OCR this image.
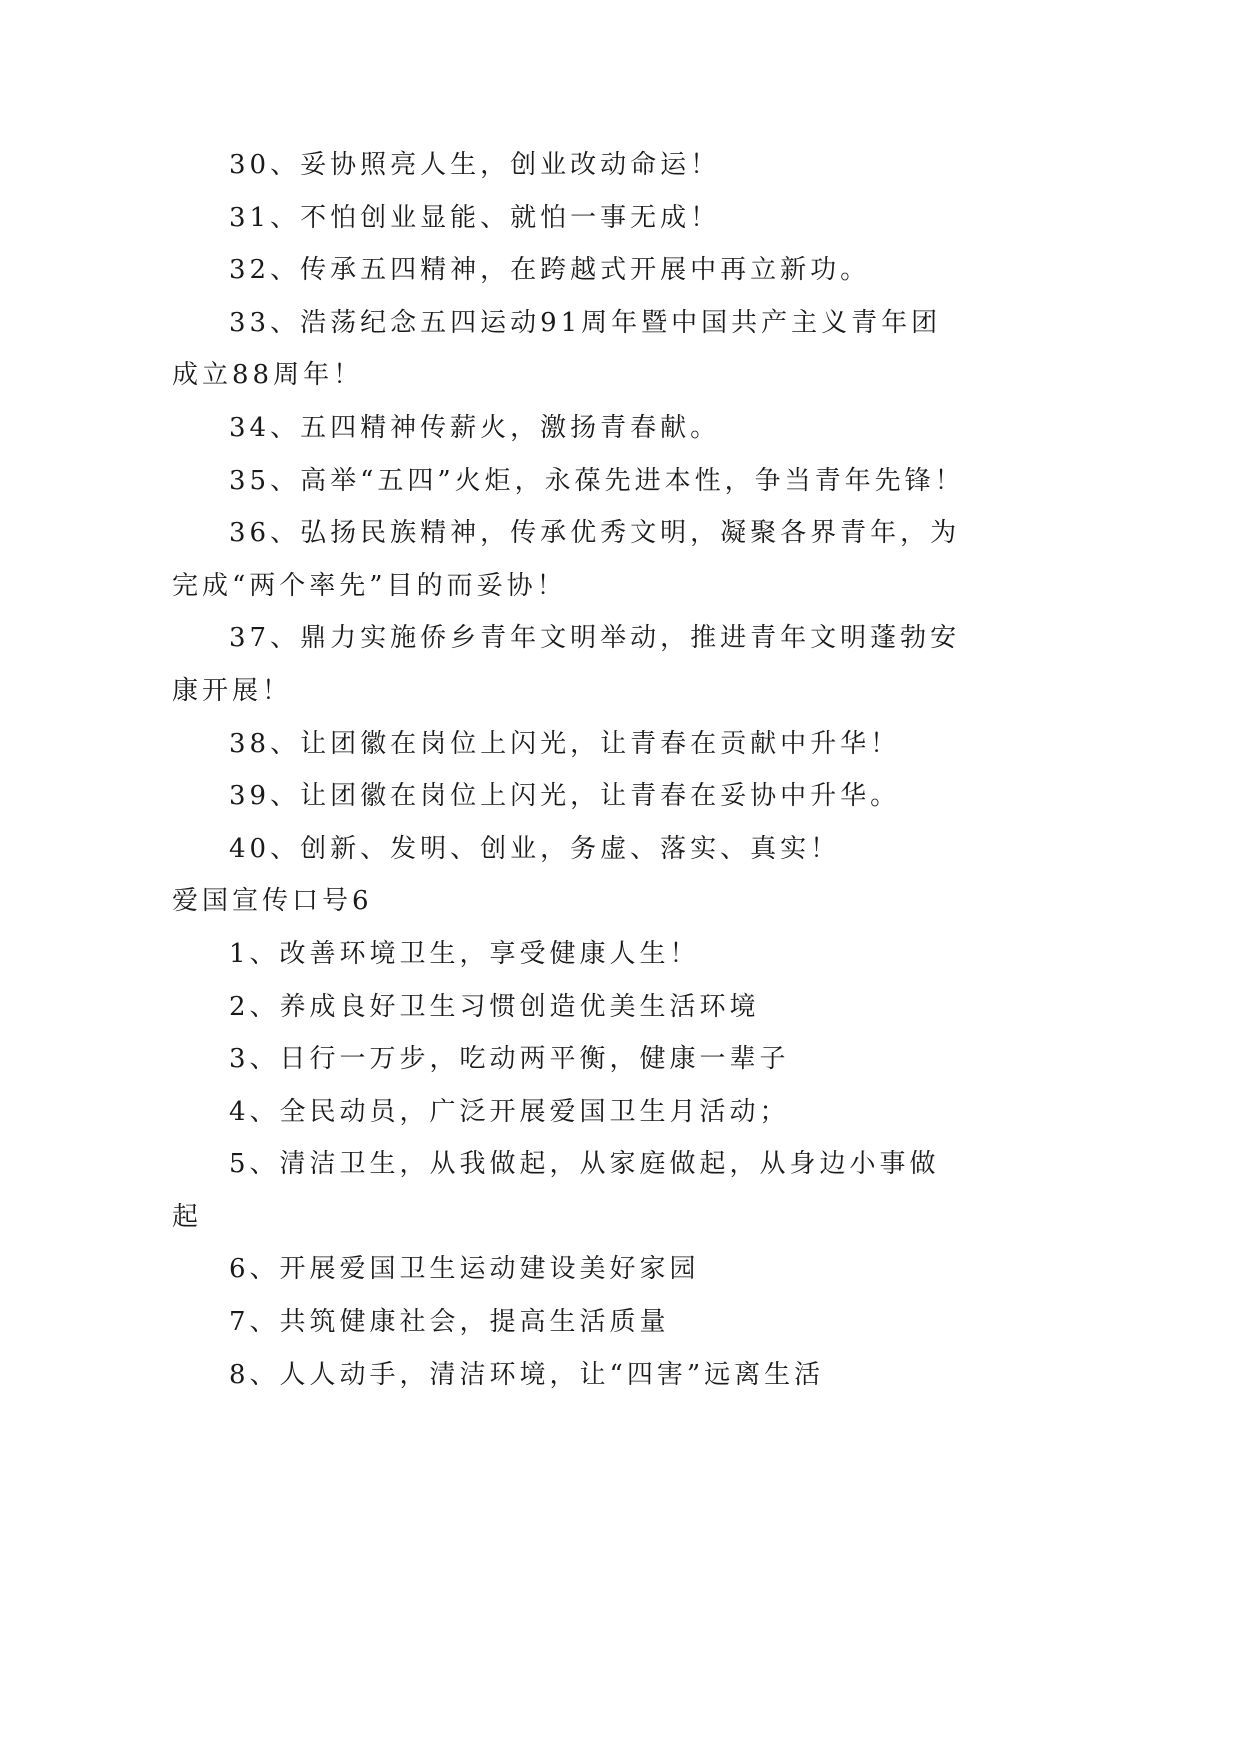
30、妥协照亮人生，创业改动命运！

31、不怕创业显能、就怕一事无成！

32、传承五四精神，在跨越式开展中再立新功。

33、浩荡纪念五四运动91周年暨中国共产主义青年团
成立88周年！

34、五四精神传薪火，激扬青春献。

35、高举“五四”火炬，永葆先进本性，争当青年先锋！

36、弘扬民族精神，传承优秀文明，凝聚各界青年，为
完成“两个率先”目的而妥协！

37、鼎力实施侨乡青年文明举动，推进青年文明蓬勃安
康开展！

38、让团徽在岗位上闪光，让青春在贡献中升华！

39、让团徽在岗位上闪光，让青春在妥协中升华。

40、创新、发明、创业，务虚、落实、真实！

爱国宣传口号6

1、改善环境卫生，享受健康人生！

2、养成良好卫生习惯创造优美生活环境

3、日行一万步，吃动两平衡，健康一辈子

4、全民动员，广泛开展爱国卫生月活动；

5、清洁卫生，从我做起，从家庭做起，从身边小事做
起

6、开展爱国卫生运动建设美好家园

7、共筑健康社会，提高生活质量

8、人人动手，清洁环境，让“四害”远离生活
